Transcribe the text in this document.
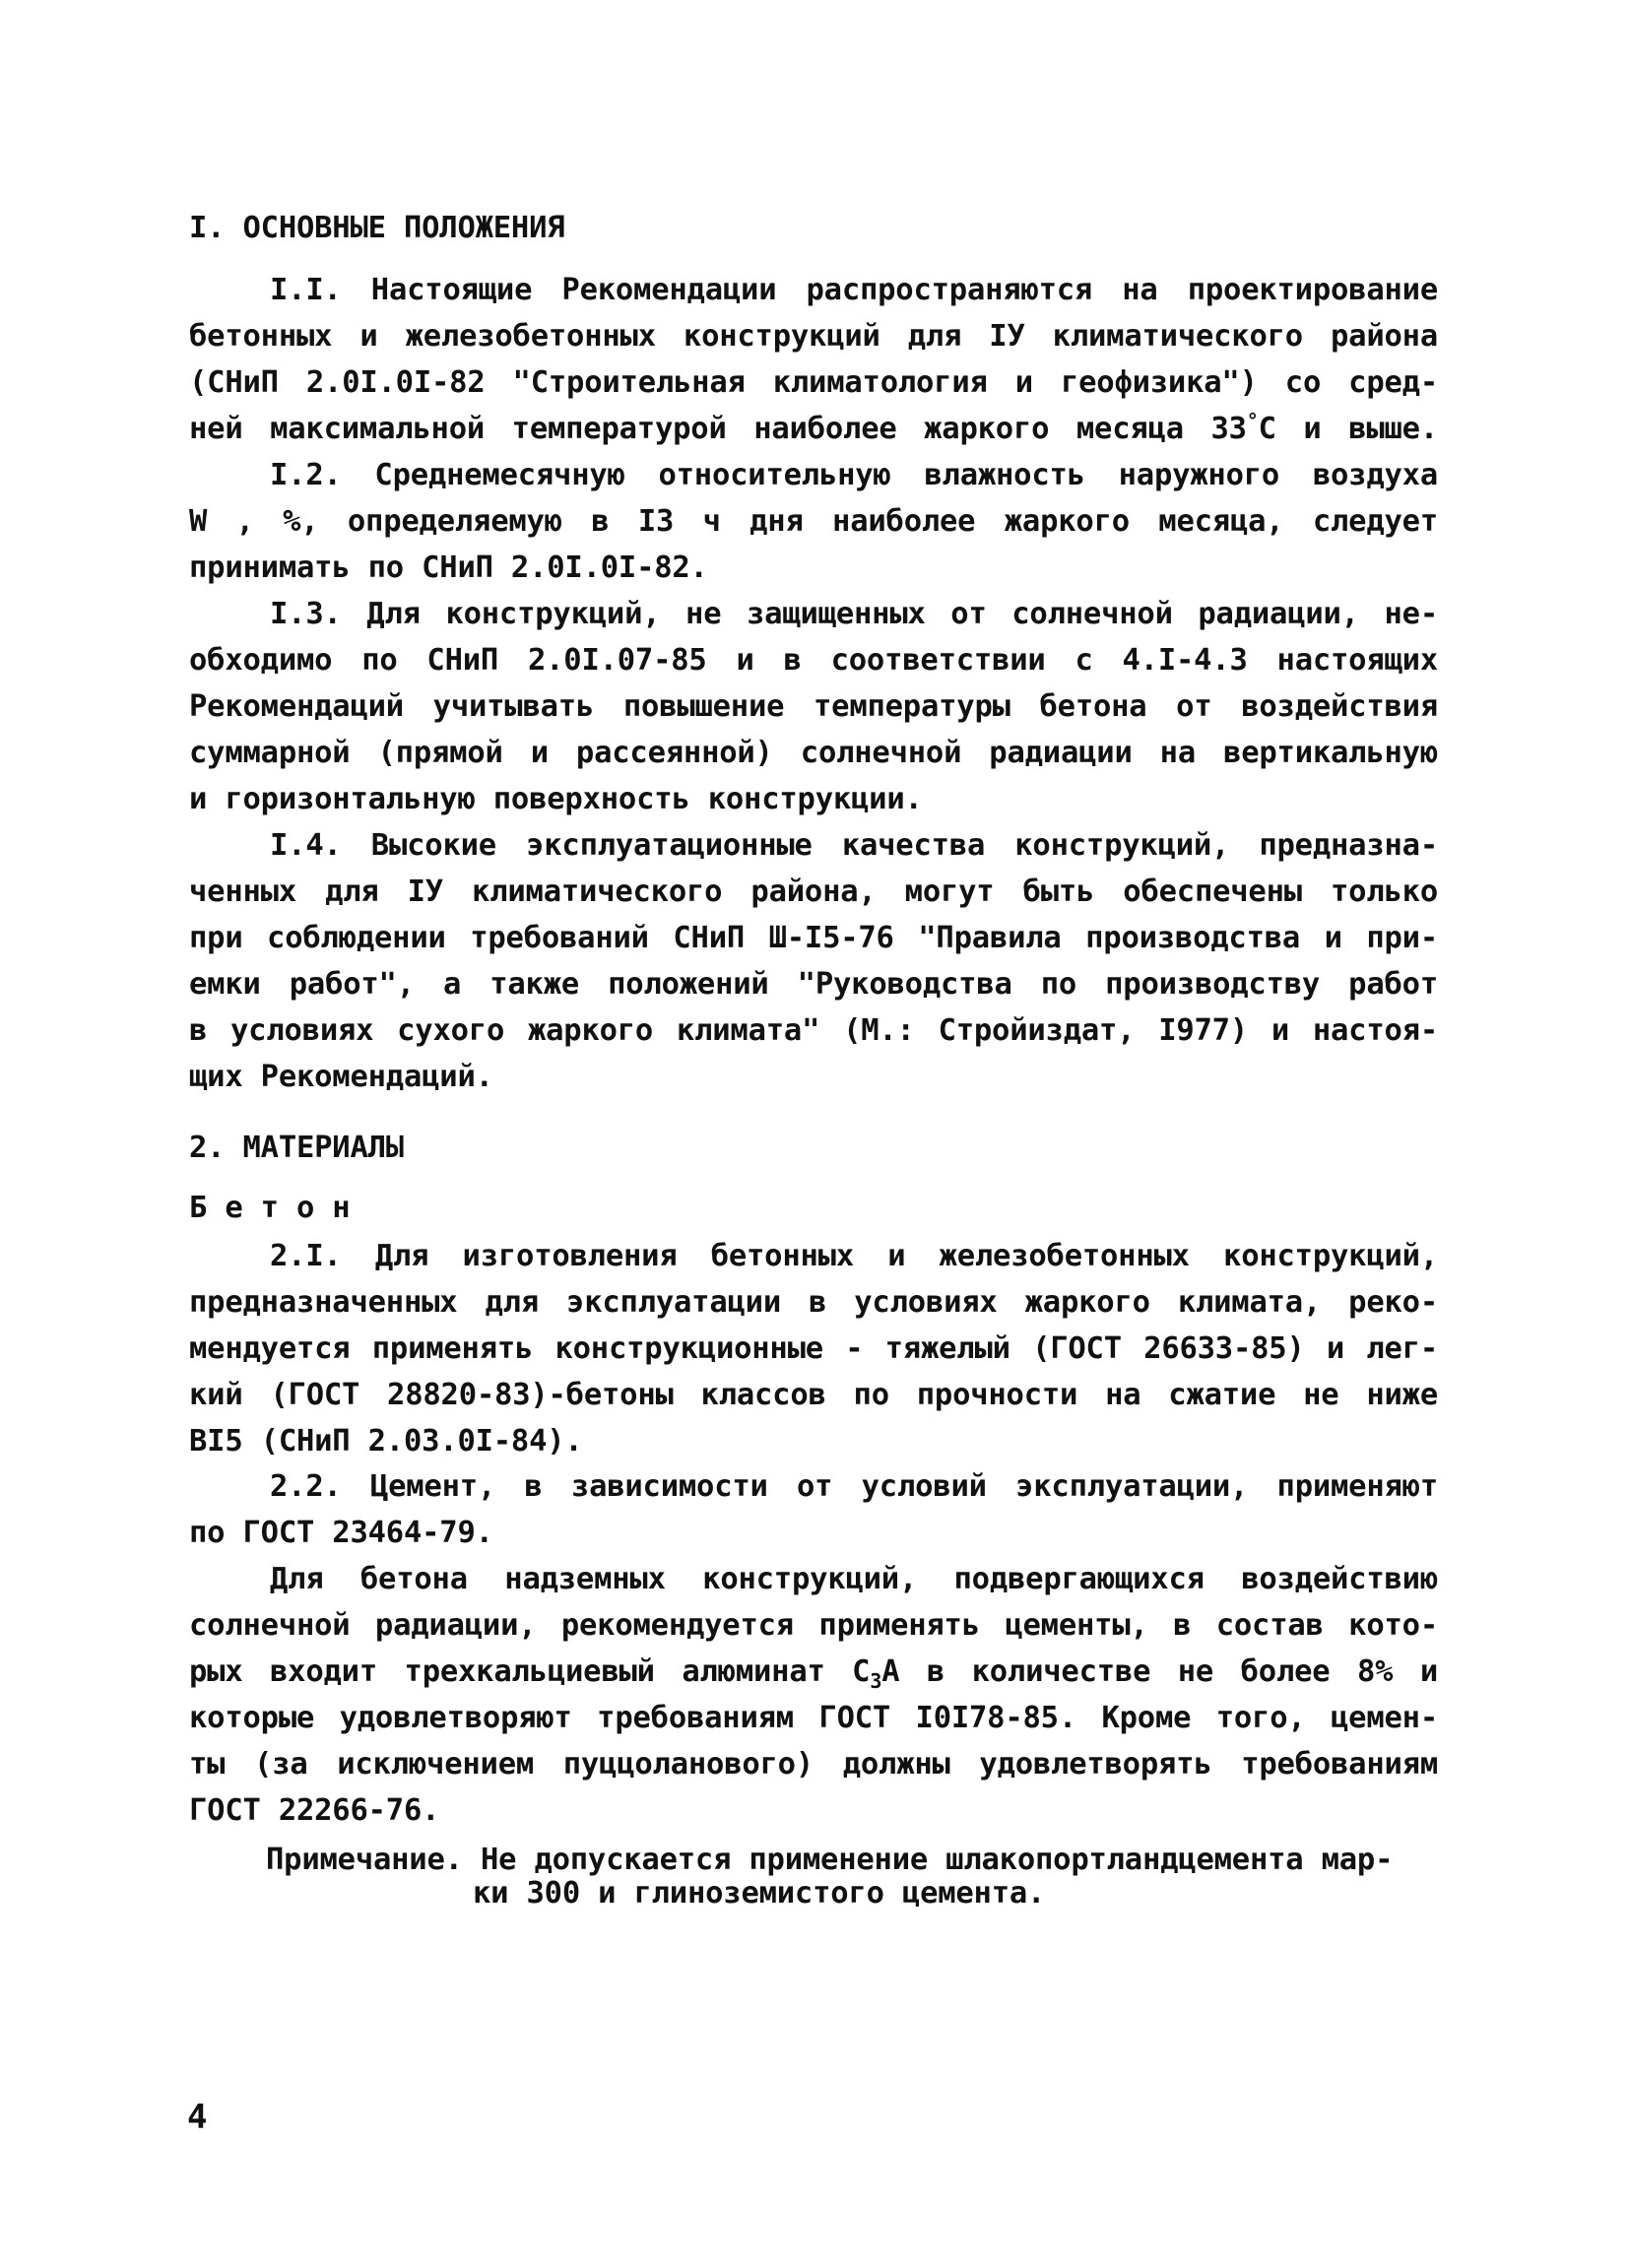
I. ОСНОВНЫЕ ПОЛОЖЕНИЯ
I.I. Настоящие Рекомендации распространяются на проектирование
бетонных и железобетонных конструкций для IУ климатического района
(СНиП 2.0I.0I-82 "Строительная климатология и геофизика") со сред-
ней максимальной температурой наиболее жаркого месяца 33°С и выше.
I.2. Среднемесячную относительную влажность наружного воздуха
W , %, определяемую в I3 ч дня наиболее жаркого месяца, следует
принимать по СНиП 2.0I.0I-82.
I.3. Для конструкций, не защищенных от солнечной радиации, не-
обходимо по СНиП 2.0I.07-85 и в соответствии с 4.I-4.3 настоящих
Рекомендаций учитывать повышение температуры бетона от воздействия
суммарной (прямой и рассеянной) солнечной радиации на вертикальную
и горизонтальную поверхность конструкции.
I.4. Высокие эксплуатационные качества конструкций, предназна-
ченных для IУ климатического района, могут быть обеспечены только
при соблюдении требований СНиП Ш-I5-76 "Правила производства и при-
емки работ", а также положений "Руководства по производству работ
в условиях сухого жаркого климата" (М.: Стройиздат, I977) и настоя-
щих Рекомендаций.
2. МАТЕРИАЛЫ
Б е т о н
2.I. Для изготовления бетонных и железобетонных конструкций,
предназначенных для эксплуатации в условиях жаркого климата, реко-
мендуется применять конструкционные - тяжелый (ГОСТ 26633-85) и лег-
кий (ГОСТ 28820-83)-бетоны классов по прочности на сжатие не ниже
BI5 (СНиП 2.03.0I-84).
2.2. Цемент, в зависимости от условий эксплуатации, применяют
по ГОСТ 23464-79.
Для бетона надземных конструкций, подвергающихся воздействию
солнечной радиации, рекомендуется применять цементы, в состав кото-
рых входит трехкальциевый алюминат $С_3А$ в количестве не более 8% и
которые удовлетворяют требованиям ГОСТ I0I78-85. Кроме того, цемен-
ты (за исключением пуццоланового) должны удовлетворять требованиям
ГОСТ 22266-76.
Примечание. Не допускается применение шлакопортландцемента мар-
ки 300 и глиноземистого цемента.
4
